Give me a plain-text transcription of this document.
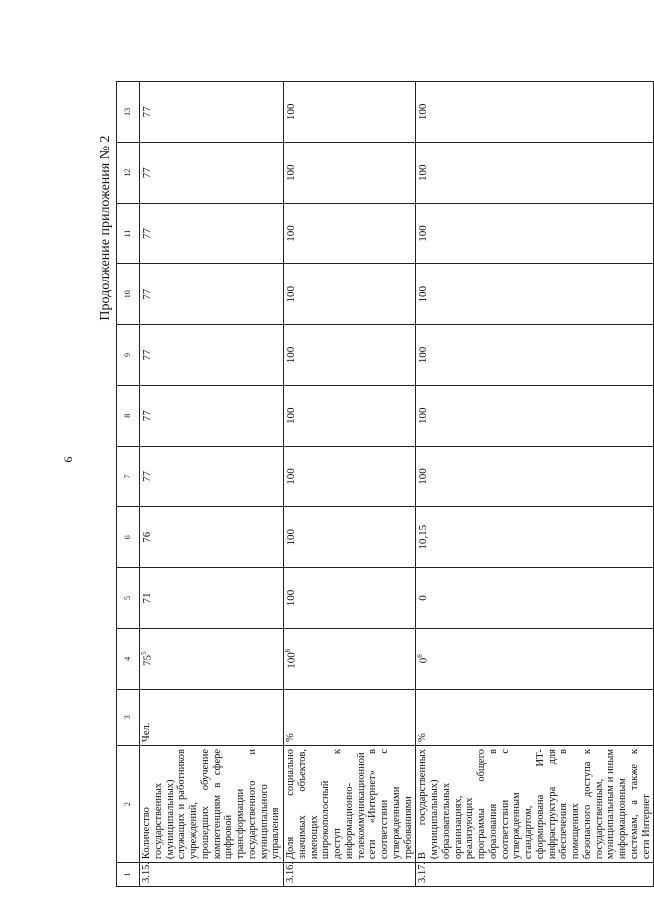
9
Продолжение приложения № 2
1	2	3	4	5	6	7	8	9	10	11	12	13
3.15.	Количество государственных (муниципальных) служащих и работников учреждений, прошедших обучение компетенциям в сфере цифровой трансформации государственного и муниципального управления	Чел.	$75^5$	71	76	77	77	77	77	77	77	77
3.16.	Доля социально значимых объектов, имеющих широкополосный доступ к информационно-телекоммуникационной сети «Интернет» в соответствии с утвержденными требованиями	%	$100^6$	100	100	100	100	100	100	100	100	100
3.17.	В государственных (муниципальных) образовательных организациях, реализующих программы общего образования в соответствии с утвержденным стандартом, сформирована ИТ-инфраструктура для обеспечения в помещениях безопасного доступа к государственным, муниципальным и иным информационным системам, а также к сети Интернет	%	$0^6$	0	10,15	100	100	100	100	100	100	100
